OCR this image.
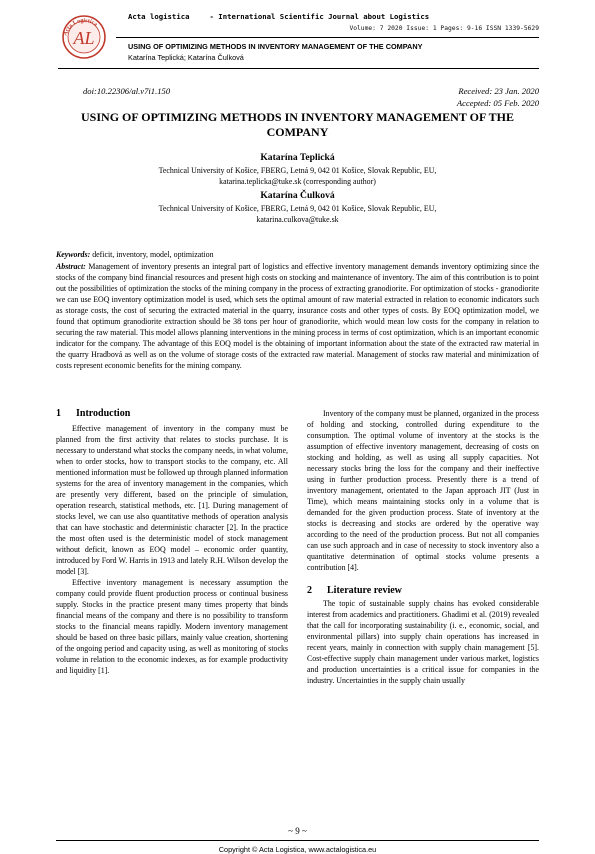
Acta Logistica
AL
Acta logistica	- International Scientific Journal about Logistics
Volume: 7 2020 Issue: 1 Pages: 9-16 ISSN 1339-5629
USING OF OPTIMIZING METHODS IN INVENTORY MANAGEMENT OF THE COMPANY
Katarína Teplická; Katarína Čulková
doi:10.22306/al.v7i1.150	Received: 23 Jan. 2020
Accepted: 05 Feb. 2020
USING OF OPTIMIZING METHODS IN INVENTORY MANAGEMENT OF THE COMPANY
Katarína Teplická
Technical University of Košice, FBERG, Letná 9, 042 01 Košice, Slovak Republic, EU,
katarina.teplicka@tuke.sk (corresponding author)
Katarína Čulková
Technical University of Košice, FBERG, Letná 9, 042 01 Košice, Slovak Republic, EU,
katarina.culkova@tuke.sk
Keywords: deficit, inventory, model, optimization
Abstract: Management of inventory presents an integral part of logistics and effective inventory management demands inventory optimizing since the stocks of the company bind financial resources and present high costs on stocking and maintenance of inventory. The aim of this contribution is to point out the possibilities of optimization the stocks of the mining company in the process of extracting granodiorite. For optimization of stocks - granodiorite we can use EOQ inventory optimization model is used, which sets the optimal amount of raw material extracted in relation to economic indicators such as storage costs, the cost of securing the extracted material in the quarry, insurance costs and other types of costs. By EOQ optimization model, we found that optimum granodiorite extraction should be 38 tons per hour of granodiorite, which would mean low costs for the company in relation to securing the raw material. This model allows planning interventions in the mining process in terms of cost optimization, which is an important economic indicator for the company. The advantage of this EOQ model is the obtaining of important information about the state of the extracted raw material in the quarry Hradbová as well as on the volume of storage costs of the extracted raw material. Management of stocks raw material and minimization of costs represent economic benefits for the mining company.
1 Introduction

Effective management of inventory in the company must be planned from the first activity that relates to stocks purchase. It is necessary to understand what stocks the company needs, in what volume, when to order stocks, how to transport stocks to the company, etc. All mentioned information must be followed up through planned information systems for the area of inventory management in the companies, which are presently very different, based on the principle of simulation, operation research, statistical methods, etc. [1]. During management of stocks level, we can use also quantitative methods of operation analysis that can have stochastic and deterministic character [2]. In the practice the most often used is the deterministic model of stock management without deficit, known as EOQ model – economic order quantity, introduced by Ford W. Harris in 1913 and lately R.H. Wilson develop the model [3].

Effective inventory management is necessary assumption the company could provide fluent production process or continual business supply. Stocks in the practice present many times property that binds financial means of the company and there is no possibility to transform stocks to the financial means rapidly. Modern inventory management should be based on three basic pillars, mainly value creation, shortening of the ongoing period and capacity using, as well as monitoring of stocks volume in relation to the economic indexes, as for example productivity and liquidity [1].

Inventory of the company must be planned, organized in the process of holding and stocking, controlled during expenditure to the consumption. The optimal volume of inventory at the stocks is the assumption of effective inventory management, decreasing of costs on stocking and holding, as well as using all supply capacities. Not necessary stocks bring the loss for the company and their ineffective using in further production process. Presently there is a trend of inventory management, orientated to the Japan approach JIT (Just in Time), which means maintaining stocks only in a volume that is demanded for the given production process. State of inventory at the stocks is decreasing and stocks are ordered by the operative way according to the need of the production process. But not all companies can use such approach and in case of necessity to stock inventory also a quantitative determination of optimal stocks volume presents a contribution [4].

2 Literature review

The topic of sustainable supply chains has evoked considerable interest from academics and practitioners. Ghadimi et al. (2019) revealed that the call for incorporating sustainability (i. e., economic, social, and environmental pillars) into supply chain operations has increased in recent years, mainly in connection with supply chain management [5]. Cost-effective supply chain management under various market, logistics and production uncertainties is a critical issue for companies in the industry. Uncertainties in the supply chain usually

~ 9 ~
Copyright © Acta Logistica, www.actalogistica.eu
